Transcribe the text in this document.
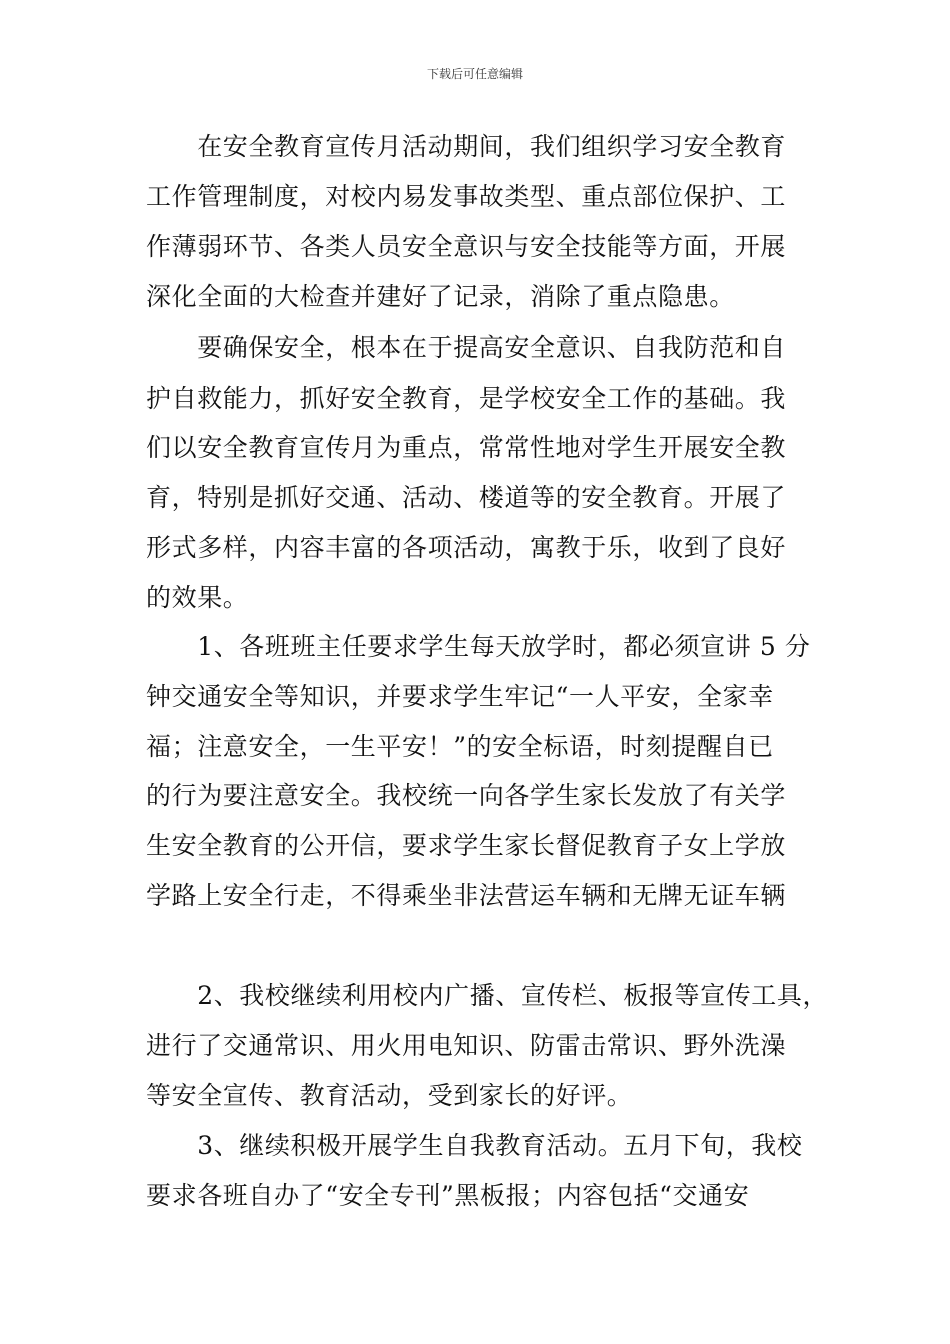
下载后可任意编辑
　　在安全教育宣传月活动期间，我们组织学习安全教育
工作管理制度，对校内易发事故类型、重点部位保护、工
作薄弱环节、各类人员安全意识与安全技能等方面，开展
深化全面的大检查并建好了记录，消除了重点隐患。
　　要确保安全，根本在于提高安全意识、自我防范和自
护自救能力，抓好安全教育，是学校安全工作的基础。我
们以安全教育宣传月为重点，常常性地对学生开展安全教
育，特别是抓好交通、活动、楼道等的安全教育。开展了
形式多样，内容丰富的各项活动，寓教于乐，收到了良好
的效果。
　　1、各班班主任要求学生每天放学时，都必须宣讲 5 分
钟交通安全等知识，并要求学生牢记“一人平安，全家幸
福；注意安全，一生平安！”的安全标语，时刻提醒自已
的行为要注意安全。我校统一向各学生家长发放了有关学
生安全教育的公开信，要求学生家长督促教育子女上学放
学路上安全行走，不得乘坐非法营运车辆和无牌无证车辆
　　2、我校继续利用校内广播、宣传栏、板报等宣传工具，
进行了交通常识、用火用电知识、防雷击常识、野外洗澡
等安全宣传、教育活动，受到家长的好评。
　　3、继续积极开展学生自我教育活动。五月下旬，我校
要求各班自办了“安全专刊”黑板报；内容包括“交通安
